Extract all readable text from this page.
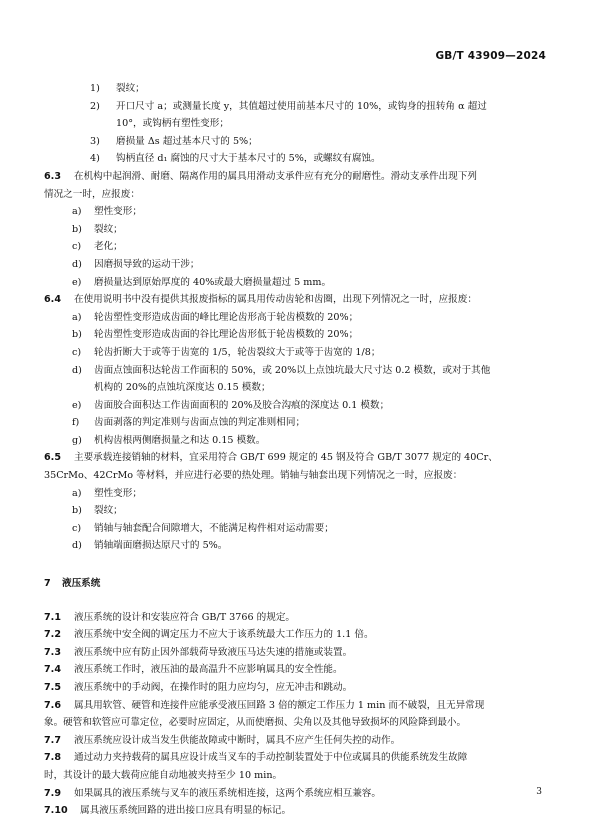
GB/T 43909—2024
1)	裂纹；
2)	开口尺寸 a；或测量长度 y，其值超过使用前基本尺寸的 10%，或钩身的扭转角 α 超过
10°，或钩柄有塑性变形；
3)	磨损量 Δs 超过基本尺寸的 5%；
4)	钩柄直径 d₁ 腐蚀的尺寸大于基本尺寸的 5%，或螺纹有腐蚀。
6.3	在机构中起润滑、耐磨、隔离作用的属具用滑动支承件应有充分的耐磨性。滑动支承件出现下列
情况之一时，应报废：
a)	塑性变形；
b)	裂纹；
c)	老化；
d)	因磨损导致的运动干涉；
e)	磨损量达到原始厚度的 40%或最大磨损量超过 5 mm。
6.4	在使用说明书中没有提供其报废指标的属具用传动齿轮和齿圈，出现下列情况之一时，应报废：
a)	轮齿塑性变形造成齿面的峰比理论齿形高于轮齿模数的 20%；
b)	轮齿塑性变形造成齿面的谷比理论齿形低于轮齿模数的 20%；
c)	轮齿折断大于或等于齿宽的 1/5，轮齿裂纹大于或等于齿宽的 1/8；
d)	齿面点蚀面积达轮齿工作面积的 50%，或 20%以上点蚀坑最大尺寸达 0.2 模数，或对于其他
机构的 20%的点蚀坑深度达 0.15 模数；
e)	齿面胶合面积达工作齿面面积的 20%及胶合沟痕的深度达 0.1 模数；
f)	齿面剥落的判定准则与齿面点蚀的判定准则相同；
g)	机构齿根两侧磨损量之和达 0.15 模数。
6.5	主要承载连接销轴的材料，宜采用符合 GB/T 699 规定的 45 钢及符合 GB/T 3077 规定的 40Cr、
35CrMo、42CrMo 等材料，并应进行必要的热处理。销轴与轴套出现下列情况之一时，应报废：
a)	塑性变形；
b)	裂纹；
c)	销轴与轴套配合间隙增大，不能满足构件相对运动需要；
d)	销轴端面磨损达原尺寸的 5%。
7 液压系统
7.1	液压系统的设计和安装应符合 GB/T 3766 的规定。
7.2	液压系统中安全阀的调定压力不应大于该系统最大工作压力的 1.1 倍。
7.3	液压系统中应有防止因外部载荷导致液压马达失速的措施或装置。
7.4	液压系统工作时，液压油的最高温升不应影响属具的安全性能。
7.5	液压系统中的手动阀，在操作时的阻力应均匀，应无冲击和跳动。
7.6	属具用软管、硬管和连接件应能承受液压回路 3 倍的额定工作压力 1 min 而不破裂，且无异常现
象。硬管和软管应可靠定位，必要时应固定，从而使磨损、尖角以及其他导致损坏的风险降到最小。
7.7	液压系统应设计成当发生供能故障或中断时，属具不应产生任何失控的动作。
7.8	通过动力夹持载荷的属具应设计成当叉车的手动控制装置处于中位或属具的供能系统发生故障
时，其设计的最大载荷应能自动地被夹持至少 10 min。
7.9	如果属具的液压系统与叉车的液压系统相连接，这两个系统应相互兼容。
7.10	属具液压系统回路的进出接口应具有明显的标记。
3
